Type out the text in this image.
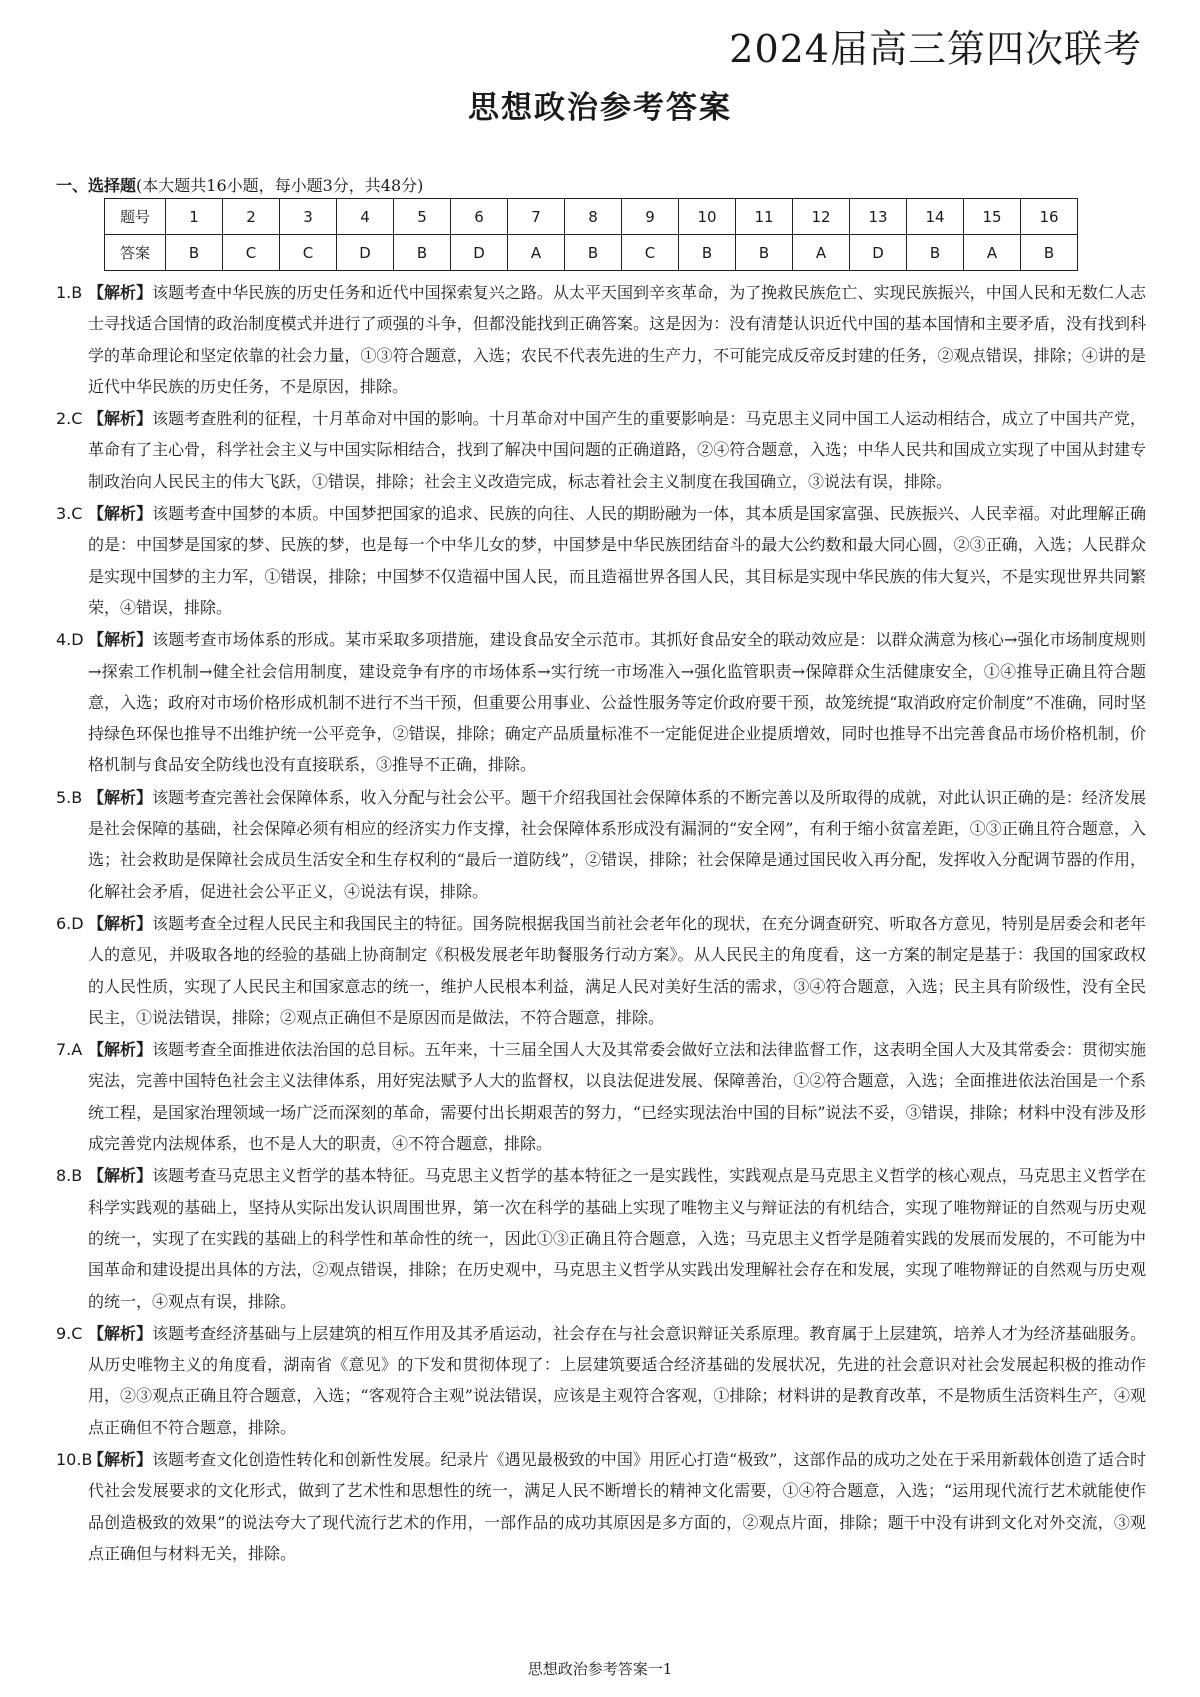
2024届高三第四次联考
思想政治参考答案
一、选择题(本大题共16小题，每小题3分，共48分)
题号	1	2	3	4	5	6	7	8	9	10	11	12	13	14	15	16
答案	B	C	C	D	B	D	A	B	C	B	B	A	D	B	A	B
1.B 【解析】该题考查中华民族的历史任务和近代中国探索复兴之路。从太平天国到辛亥革命，为了挽救民族危亡、实现民族振兴，中国人民和无数仁人志士寻找适合国情的政治制度模式并进行了顽强的斗争，但都没能找到正确答案。这是因为：没有清楚认识近代中国的基本国情和主要矛盾，没有找到科学的革命理论和坚定依靠的社会力量，①③符合题意，入选；农民不代表先进的生产力，不可能完成反帝反封建的任务，②观点错误，排除；④讲的是近代中华民族的历史任务，不是原因，排除。
2.C 【解析】该题考查胜利的征程，十月革命对中国的影响。十月革命对中国产生的重要影响是：马克思主义同中国工人运动相结合，成立了中国共产党，革命有了主心骨，科学社会主义与中国实际相结合，找到了解决中国问题的正确道路，②④符合题意，入选；中华人民共和国成立实现了中国从封建专制政治向人民民主的伟大飞跃，①错误，排除；社会主义改造完成，标志着社会主义制度在我国确立，③说法有误，排除。
3.C 【解析】该题考查中国梦的本质。中国梦把国家的追求、民族的向往、人民的期盼融为一体，其本质是国家富强、民族振兴、人民幸福。对此理解正确的是：中国梦是国家的梦、民族的梦，也是每一个中华儿女的梦，中国梦是中华民族团结奋斗的最大公约数和最大同心圆，②③正确，入选；人民群众是实现中国梦的主力军，①错误，排除；中国梦不仅造福中国人民，而且造福世界各国人民，其目标是实现中华民族的伟大复兴，不是实现世界共同繁荣，④错误，排除。
4.D 【解析】该题考查市场体系的形成。某市采取多项措施，建设食品安全示范市。其抓好食品安全的联动效应是：以群众满意为核心→强化市场制度规则→探索工作机制→健全社会信用制度，建设竞争有序的市场体系→实行统一市场准入→强化监管职责→保障群众生活健康安全，①④推导正确且符合题意，入选；政府对市场价格形成机制不进行不当干预，但重要公用事业、公益性服务等定价政府要干预，故笼统提“取消政府定价制度”不准确，同时坚持绿色环保也推导不出维护统一公平竞争，②错误，排除；确定产品质量标准不一定能促进企业提质增效，同时也推导不出完善食品市场价格机制，价格机制与食品安全防线也没有直接联系，③推导不正确，排除。
5.B 【解析】该题考查完善社会保障体系，收入分配与社会公平。题干介绍我国社会保障体系的不断完善以及所取得的成就，对此认识正确的是：经济发展是社会保障的基础，社会保障必须有相应的经济实力作支撑，社会保障体系形成没有漏洞的“安全网”，有利于缩小贫富差距，①③正确且符合题意，入选；社会救助是保障社会成员生活安全和生存权利的“最后一道防线”，②错误，排除；社会保障是通过国民收入再分配，发挥收入分配调节器的作用，化解社会矛盾，促进社会公平正义，④说法有误，排除。
6.D 【解析】该题考查全过程人民民主和我国民主的特征。国务院根据我国当前社会老年化的现状，在充分调查研究、听取各方意见，特别是居委会和老年人的意见，并吸取各地的经验的基础上协商制定《积极发展老年助餐服务行动方案》。从人民民主的角度看，这一方案的制定是基于：我国的国家政权的人民性质，实现了人民民主和国家意志的统一，维护人民根本利益，满足人民对美好生活的需求，③④符合题意，入选；民主具有阶级性，没有全民民主，①说法错误，排除；②观点正确但不是原因而是做法，不符合题意，排除。
7.A 【解析】该题考查全面推进依法治国的总目标。五年来，十三届全国人大及其常委会做好立法和法律监督工作，这表明全国人大及其常委会：贯彻实施宪法，完善中国特色社会主义法律体系，用好宪法赋予人大的监督权，以良法促进发展、保障善治，①②符合题意，入选；全面推进依法治国是一个系统工程，是国家治理领域一场广泛而深刻的革命，需要付出长期艰苦的努力，“已经实现法治中国的目标”说法不妥，③错误，排除；材料中没有涉及形成完善党内法规体系，也不是人大的职责，④不符合题意，排除。
8.B 【解析】该题考查马克思主义哲学的基本特征。马克思主义哲学的基本特征之一是实践性，实践观点是马克思主义哲学的核心观点，马克思主义哲学在科学实践观的基础上，坚持从实际出发认识周围世界，第一次在科学的基础上实现了唯物主义与辩证法的有机结合，实现了唯物辩证的自然观与历史观的统一，实现了在实践的基础上的科学性和革命性的统一，因此①③正确且符合题意，入选；马克思主义哲学是随着实践的发展而发展的，不可能为中国革命和建设提出具体的方法，②观点错误，排除；在历史观中，马克思主义哲学从实践出发理解社会存在和发展，实现了唯物辩证的自然观与历史观的统一，④观点有误，排除。
9.C 【解析】该题考查经济基础与上层建筑的相互作用及其矛盾运动，社会存在与社会意识辩证关系原理。教育属于上层建筑，培养人才为经济基础服务。从历史唯物主义的角度看，湖南省《意见》的下发和贯彻体现了：上层建筑要适合经济基础的发展状况，先进的社会意识对社会发展起积极的推动作用，②③观点正确且符合题意，入选；“客观符合主观”说法错误，应该是主观符合客观，①排除；材料讲的是教育改革，不是物质生活资料生产，④观点正确但不符合题意，排除。
10.B
【解析】该题考查文化创造性转化和创新性发展。纪录片《遇见最极致的中国》用匠心打造“极致”，这部作品的成功之处在于采用新载体创造了适合时代社会发展要求的文化形式，做到了艺术性和思想性的统一，满足人民不断增长的精神文化需要，①④符合题意，入选；“运用现代流行艺术就能使作品创造极致的效果”的说法夸大了现代流行艺术的作用，一部作品的成功其原因是多方面的，②观点片面，排除；题干中没有讲到文化对外交流，③观点正确但与材料无关，排除。
思想政治参考答案一1
